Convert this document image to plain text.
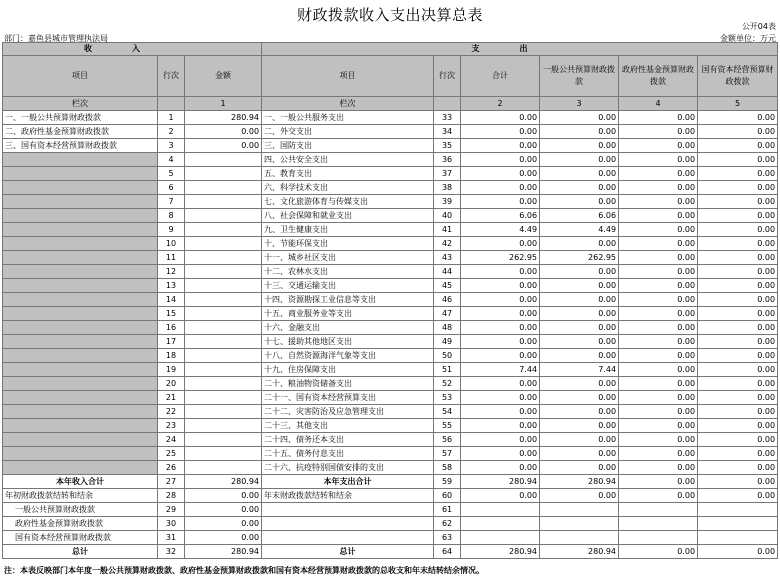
财政拨款收入支出决算总表
公开04表
部门：嘉鱼县城市管理执法局	金额单位：万元
收入			支出					
项目	行次	金额	项目	行次	合计	一般公共预算财政拨款	政府性基金预算财政拨款	国有资本经营预算财政拨款
栏次		1	栏次		2	3	4	5
一、一般公共预算财政拨款	1	280.94	一、一般公共服务支出	33	0.00	0.00	0.00	0.00
二、政府性基金预算财政拨款	2	0.00	二、外交支出	34	0.00	0.00	0.00	0.00
三、国有资本经营预算财政拨款	3	0.00	三、国防支出	35	0.00	0.00	0.00	0.00
	4		四、公共安全支出	36	0.00	0.00	0.00	0.00
	5		五、教育支出	37	0.00	0.00	0.00	0.00
	6		六、科学技术支出	38	0.00	0.00	0.00	0.00
	7		七、文化旅游体育与传媒支出	39	0.00	0.00	0.00	0.00
	8		八、社会保障和就业支出	40	6.06	6.06	0.00	0.00
	9		九、卫生健康支出	41	4.49	4.49	0.00	0.00
	10		十、节能环保支出	42	0.00	0.00	0.00	0.00
	11		十一、城乡社区支出	43	262.95	262.95	0.00	0.00
	12		十二、农林水支出	44	0.00	0.00	0.00	0.00
	13		十三、交通运输支出	45	0.00	0.00	0.00	0.00
	14		十四、资源勘探工业信息等支出	46	0.00	0.00	0.00	0.00
	15		十五、商业服务业等支出	47	0.00	0.00	0.00	0.00
	16		十六、金融支出	48	0.00	0.00	0.00	0.00
	17		十七、援助其他地区支出	49	0.00	0.00	0.00	0.00
	18		十八、自然资源海洋气象等支出	50	0.00	0.00	0.00	0.00
	19		十九、住房保障支出	51	7.44	7.44	0.00	0.00
	20		二十、粮油物资储备支出	52	0.00	0.00	0.00	0.00
	21		二十一、国有资本经营预算支出	53	0.00	0.00	0.00	0.00
	22		二十二、灾害防治及应急管理支出	54	0.00	0.00	0.00	0.00
	23		二十三、其他支出	55	0.00	0.00	0.00	0.00
	24		二十四、债务还本支出	56	0.00	0.00	0.00	0.00
	25		二十五、债务付息支出	57	0.00	0.00	0.00	0.00
	26		二十六、抗疫特别国债安排的支出	58	0.00	0.00	0.00	0.00
本年收入合计	27	280.94	本年支出合计	59	280.94	280.94	0.00	0.00
年初财政拨款结转和结余	28	0.00	年末财政拨款结转和结余	60	0.00	0.00	0.00	0.00
一般公共预算财政拨款	29	0.00		61				
政府性基金预算财政拨款	30	0.00		62				
国有资本经营预算财政拨款	31	0.00		63				
总计	32	280.94	总计	64	280.94	280.94	0.00	0.00
注：本表反映部门本年度一般公共预算财政拨款、政府性基金预算财政拨款和国有资本经营预算财政拨款的总收支和年末结转结余情况。
